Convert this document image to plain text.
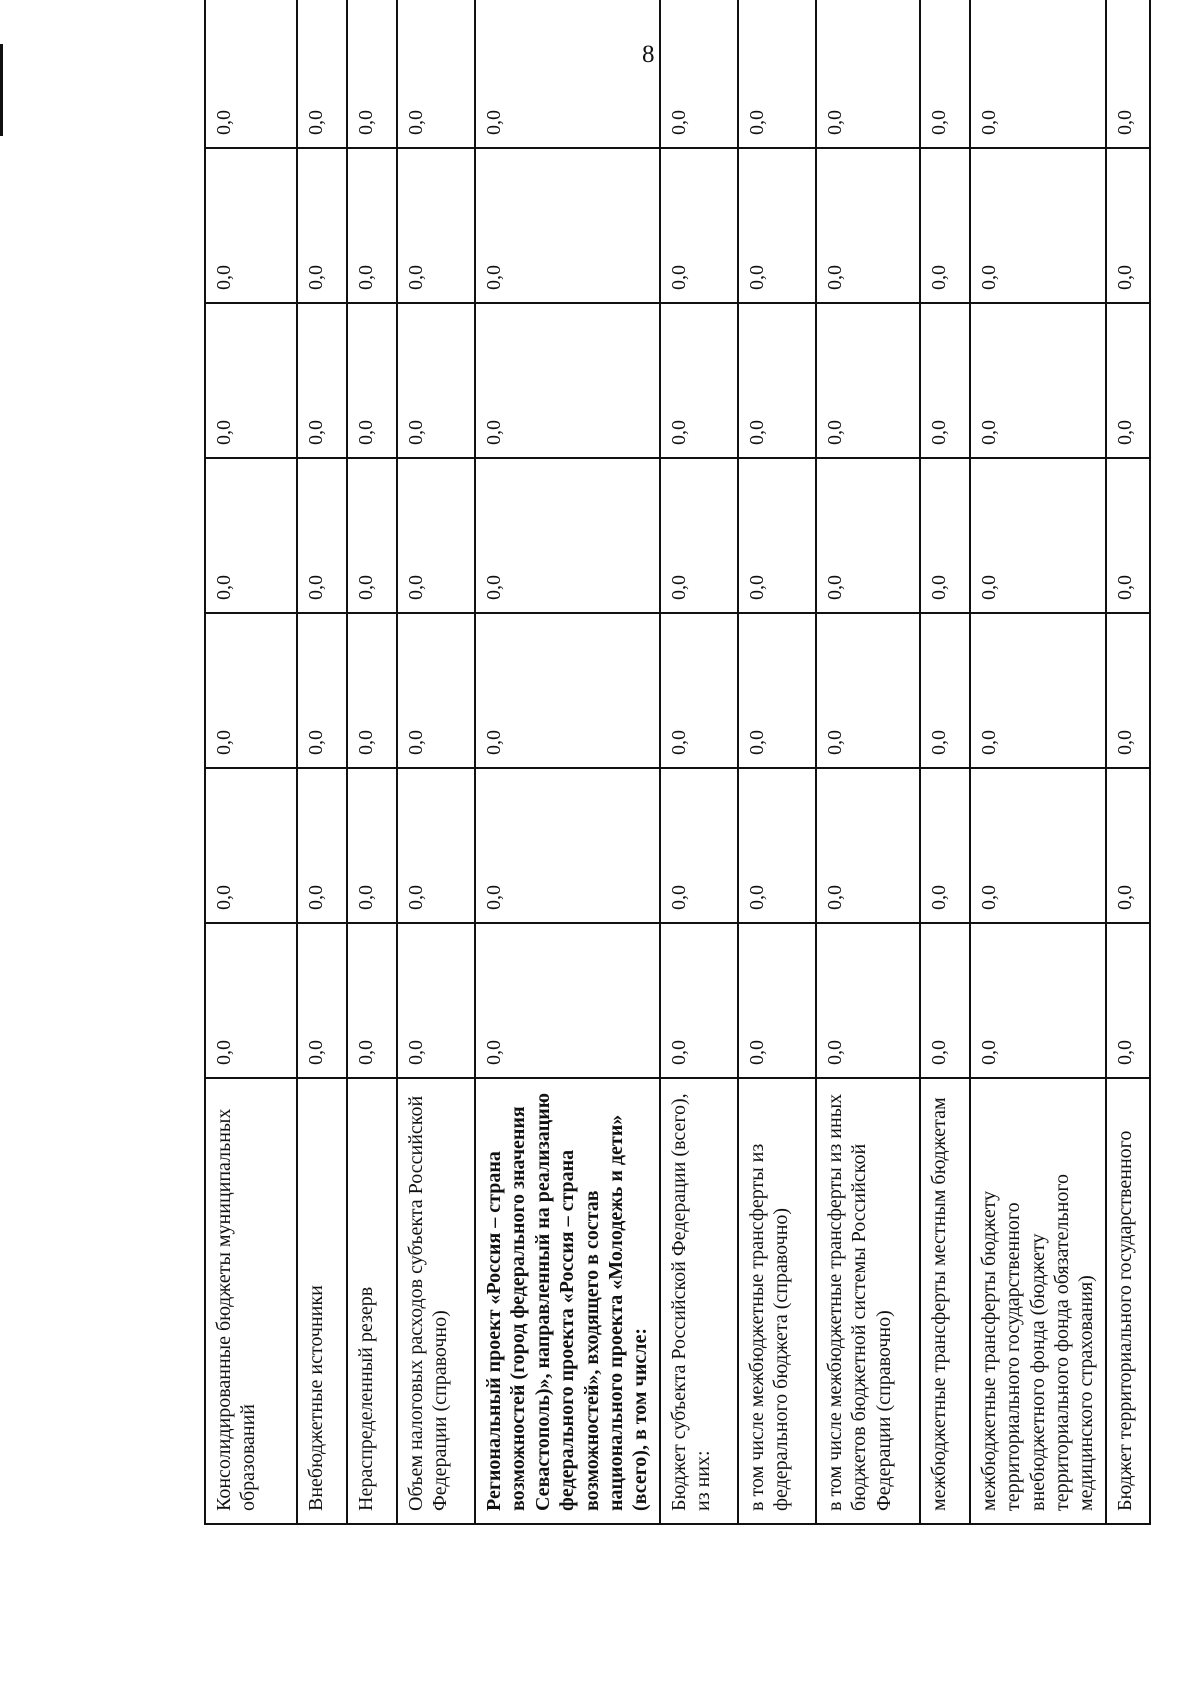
8
Консолидированные бюджеты муниципальных образований	0,0	0,0	0,0	0,0	0,0	0,0	0,0
Внебюджетные источники	0,0	0,0	0,0	0,0	0,0	0,0	0,0
Нераспределенный резерв	0,0	0,0	0,0	0,0	0,0	0,0	0,0
Объем налоговых расходов субъекта Российской Федерации (справочно)	0,0	0,0	0,0	0,0	0,0	0,0	0,0
Региональный проект «Россия – страна возможностей (город федерального значения Севастополь)», направленный на реализацию федерального проекта «Россия – страна возможностей», входящего в состав национального проекта «Молодежь и дети» (всего), в том числе:	0,0	0,0	0,0	0,0	0,0	0,0	0,0
Бюджет субъекта Российской Федерации (всего), из них:	0,0	0,0	0,0	0,0	0,0	0,0	0,0
в том числе межбюджетные трансферты из федерального бюджета (справочно)	0,0	0,0	0,0	0,0	0,0	0,0	0,0
в том числе межбюджетные трансферты из иных бюджетов бюджетной системы Российской Федерации (справочно)	0,0	0,0	0,0	0,0	0,0	0,0	0,0
межбюджетные трансферты местным бюджетам	0,0	0,0	0,0	0,0	0,0	0,0	0,0
межбюджетные трансферты бюджету территориального государственного внебюджетного фонда (бюджету территориального фонда обязательного медицинского страхования)	0,0	0,0	0,0	0,0	0,0	0,0	0,0
Бюджет территориального государственного	0,0	0,0	0,0	0,0	0,0	0,0	0,0
